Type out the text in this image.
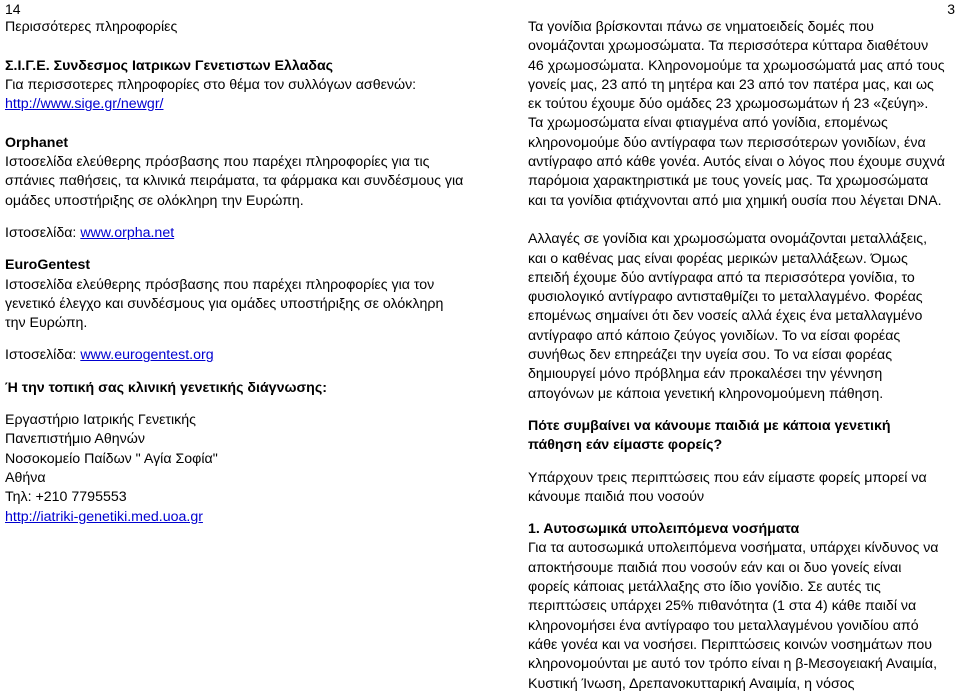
14
Περισσότερες πληροφορίες
Σ.Ι.Γ.Ε. Συνδεσμος Ιατρικων Γενετιστων Ελλαδας

Για περισσοτερες πληροφορίες στο θέμα τον συλλόγων ασθενών:

http://www.sige.gr/newgr/
Orphanet

Ιστοσελίδα ελεύθερης πρόσβασης που παρέχει πληροφορίες για τις σπάνιες παθήσεις, τα κλινικά πειράματα, τα φάρμακα και συνδέσμους για ομάδες υποστήριξης σε ολόκληρη την Ευρώπη.

Ιστοσελίδα: www.orpha.net

EuroGentest

Ιστοσελίδα ελεύθερης πρόσβασης που παρέχει πληροφορίες για τον γενετικό έλεγχο και συνδέσμους για ομάδες υποστήριξης σε ολόκληρη την Ευρώπη.

Ιστοσελίδα: www.eurogentest.org

Ή την τοπική σας κλινική γενετικής διάγνωσης:
Εργαστήριο Ιατρικής Γενετικής
Πανεπιστήμιο Αθηνών
Νοσοκομείο Παίδων " Αγία Σοφία"
Αθήνα
Τηλ: +210 7795553
http://iatriki-genetiki.med.uoa.gr
3

Τα γονίδια βρίσκονται πάνω σε νηματοειδείς δομές που ονομάζονται χρωμοσώματα. Τα περισσότερα κύτταρα διαθέτουν 46 χρωμοσώματα. Κληρονομούμε τα χρωμοσώματά μας από τους γονείς μας, 23 από τη μητέρα και 23 από τον πατέρα μας, και ως εκ τούτου έχουμε δύο ομάδες 23 χρωμοσωμάτων ή 23 «ζεύγη». Τα χρωμοσώματα είναι φτιαγμένα από γονίδια, επομένως κληρονομούμε δύο αντίγραφα των περισσότερων γονιδίων, ένα αντίγραφο από κάθε γονέα. Αυτός είναι ο λόγος που έχουμε συχνά παρόμοια χαρακτηριστικά με τους γονείς μας. Τα χρωμοσώματα και τα γονίδια φτιάχνονται από μια χημική ουσία που λέγεται DNA.

Αλλαγές σε γονίδια και χρωμοσώματα ονομάζονται μεταλλάξεις, και ο καθένας μας είναι φορέας μερικών μεταλλάξεων. Όμως επειδή έχουμε δύο αντίγραφα από τα περισσότερα γονίδια, το φυσιολογικό αντίγραφο αντισταθμίζει το μεταλλαγμένο. Φορέας επομένως σημαίνει ότι δεν νοσείς αλλά έχεις ένα μεταλλαγμένο αντίγραφο από κάποιο ζεύγος γονιδίων. Το να είσαι φορέας συνήθως δεν επηρεάζει την υγεία σου. Το να είσαι φορέας δημιουργεί μόνο πρόβλημα εάν προκαλέσει την γέννηση απογόνων με κάποια γενετική κληρονομούμενη πάθηση.

Πότε συμβαίνει να κάνουμε παιδιά με κάποια γενετική πάθηση εάν είμαστε φορείς?

Υπάρχουν τρεις περιπτώσεις που εάν είμαστε φορείς μπορεί να κάνουμε παιδιά που νοσούν

1. Αυτοσωμικά υπολειπόμενα νοσήματα

Για τα αυτοσωμικά υπολειπόμενα νοσήματα, υπάρχει κίνδυνος να αποκτήσουμε παιδιά που νοσούν εάν και οι δυο γονείς είναι φορείς κάποιας μετάλλαξης στο ίδιο γονίδιο. Σε αυτές τις περιπτώσεις υπάρχει 25% πιθανότητα (1 στα 4) κάθε παιδί να κληρονομήσει ένα αντίγραφο του μεταλλαγμένου γονιδίου από κάθε γονέα και να νοσήσει. Περιπτώσεις κοινών νοσημάτων που κληρονομούνται με αυτό τον τρόπο είναι η β-Μεσογειακή Αναιμία, Κυστική Ίνωση, Δρεπανοκυτταρική Αναιμία, η νόσος
